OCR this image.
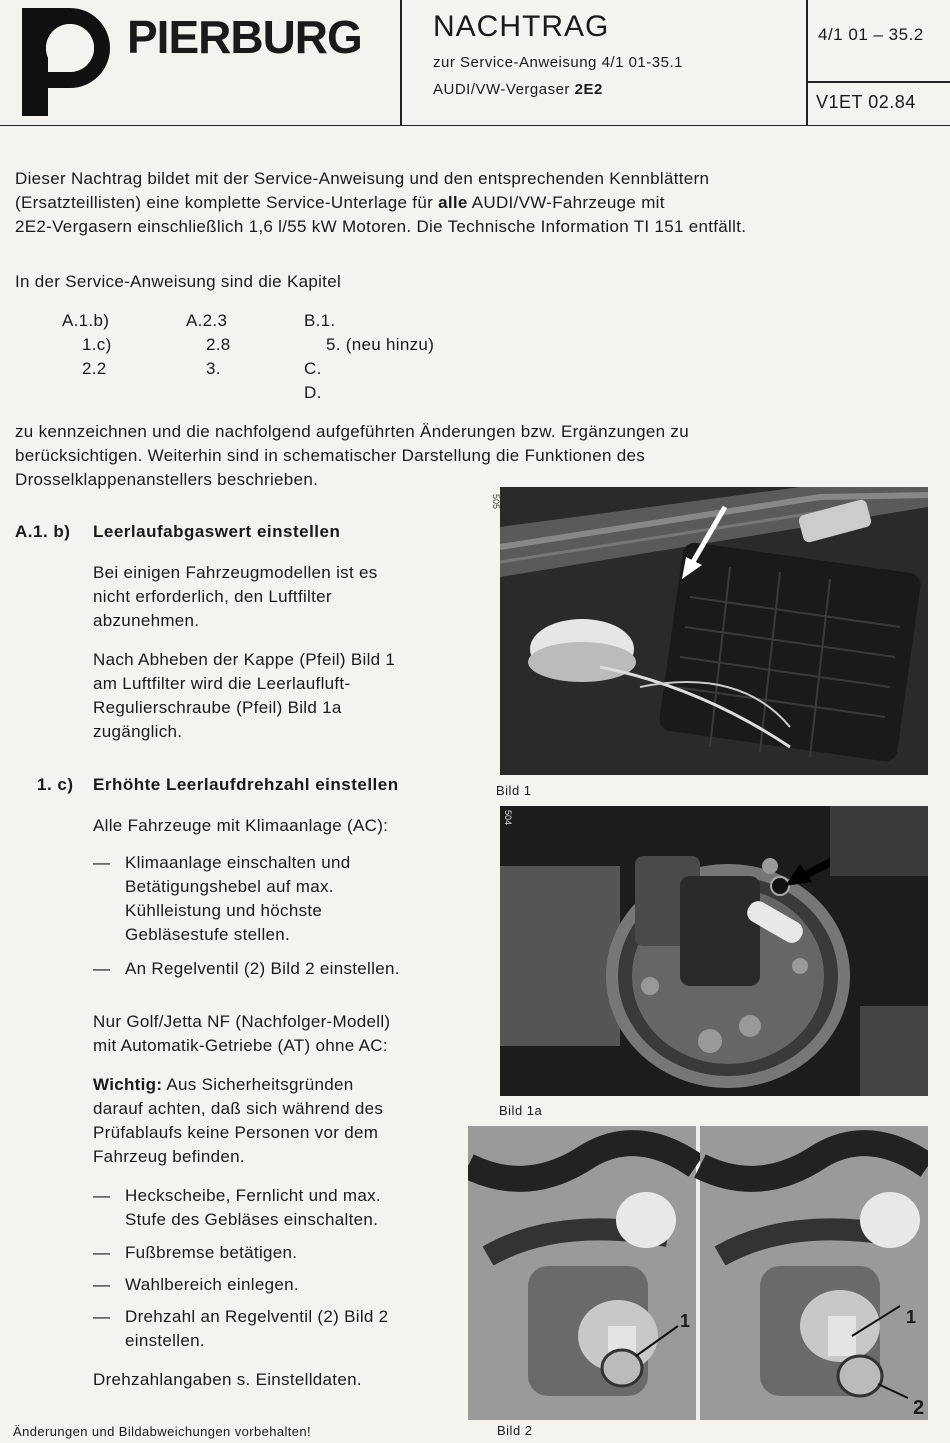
PIERBURG NACHTRAG
zur Service-Anweisung 4/1 01-35.1
AUDI/VW-Vergaser 2E2
4/1 01 – 35.2
V1ET 02.84
Dieser Nachtrag bildet mit der Service-Anweisung und den entsprechenden Kennblättern
(Ersatzteillisten) eine komplette Service-Unterlage für alle AUDI/VW-Fahrzeuge mit
2E2-Vergasern einschließlich 1,6 l/55 kW Motoren. Die Technische Information TI 151 entfällt.
In der Service-Anweisung sind die Kapitel
A.1.b)
1.c)
2.2
A.2.3
2.8
3.
B.1.
5. (neu hinzu)
C.
D.
zu kennzeichnen und die nachfolgend aufgeführten Änderungen bzw. Ergänzungen zu
berücksichtigen. Weiterhin sind in schematischer Darstellung die Funktionen des
Drosselklappenanstellers beschrieben.
A.1. b) Leerlaufabgaswert einstellen
Bei einigen Fahrzeugmodellen ist es
nicht erforderlich, den Luftfilter
abzunehmen.
Nach Abheben der Kappe (Pfeil) Bild 1
am Luftfilter wird die Leerlaufluft-
Regulierschraube (Pfeil) Bild 1a
zugänglich.
1. c) Erhöhte Leerlaufdrehzahl einstellen
Alle Fahrzeuge mit Klimaanlage (AC):
— Klimaanlage einschalten und
Betätigungshebel auf max.
Kühlleistung und höchste
Gebläsestufe stellen.
— An Regelventil (2) Bild 2 einstellen.
Nur Golf/Jetta NF (Nachfolger-Modell)
mit Automatik-Getriebe (AT) ohne AC:
Wichtig: Aus Sicherheitsgründen
darauf achten, daß sich während des
Prüfablaufs keine Personen vor dem
Fahrzeug befinden.
— Heckscheibe, Fernlicht und max.
Stufe des Gebläses einschalten.
— Fußbremse betätigen.
— Wahlbereich einlegen.
— Drehzahl an Regelventil (2) Bild 2
einstellen.
Drehzahlangaben s. Einstelldaten.
Änderungen und Bildabweichungen vorbehalten!
Bild 1
Bild 1a
1	1
2
Bild 2
505
504
